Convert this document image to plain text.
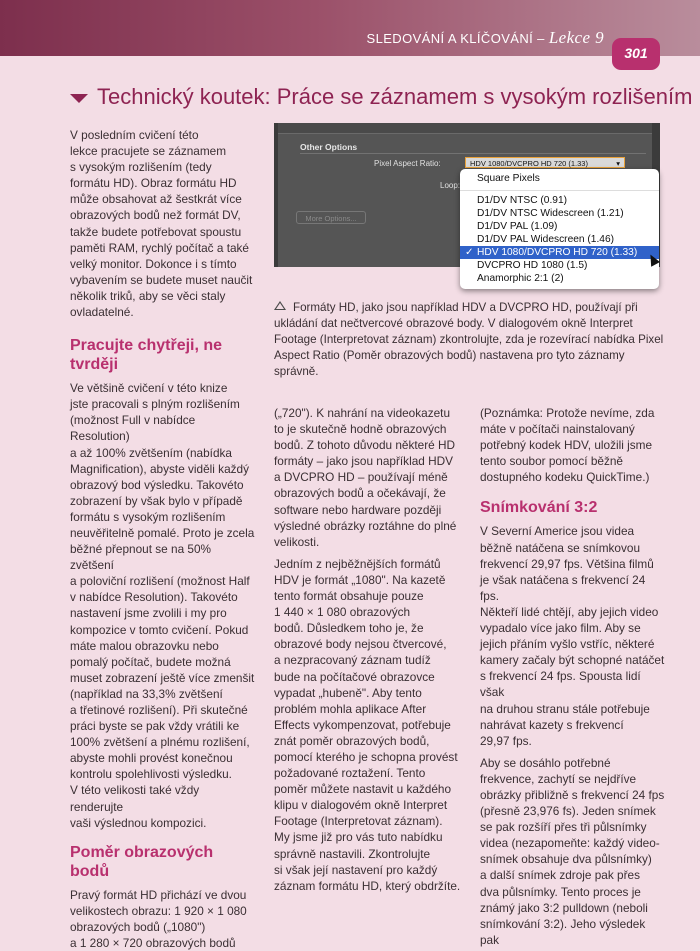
SLEDOVÁNÍ A KLÍČOVÁNÍ – Lekce 9
301
Technický koutek: Práce se záznamem s vysokým rozlišením

V posledním cvičení této
lekce pracujete se záznamem
s vysokým rozlišením (tedy
formátu HD). Obraz formátu HD
může obsahovat až šestkrát více
obrazových bodů než formát DV,
takže budete potřebovat spoustu
paměti RAM, rychlý počítač a také
velký monitor. Dokonce i s tímto
vybavením se budete muset naučit
několik triků, aby se věci staly
ovladatelné.

Pracujte chytřeji, ne tvrději

Ve většině cvičení v této knize
jste pracovali s plným rozlišením
(možnost Full v nabídce Resolution)
a až 100% zvětšením (nabídka
Magnification), abyste viděli každý
obrazový bod výsledku. Takovéto
zobrazení by však bylo v případě
formátu s vysokým rozlišením
neuvěřitelně pomalé. Proto je zcela
běžné přepnout se na 50% zvětšení
a poloviční rozlišení (možnost Half
v nabídce Resolution). Takovéto
nastavení jsme zvolili i my pro
kompozice v tomto cvičení. Pokud
máte malou obrazovku nebo
pomalý počítač, budete možná
muset zobrazení ještě více zmenšit
(například na 33,3% zvětšení
a třetinové rozlišení). Při skutečné
práci byste se pak vždy vrátili ke
100% zvětšení a plnému rozlišení,
abyste mohli provést konečnou
kontrolu spolehlivosti výsledku.
V této velikosti také vždy renderujte
vaši výslednou kompozici.

Poměr obrazových bodů

Pravý formát HD přichází ve dvou
velikostech obrazu: 1 920 × 1 080
obrazových bodů („1080")
a 1 280 × 720 obrazových bodů

Other Options
Pixel Aspect Ratio:	HDV 1080/DVCPRO HD 720 (1.33)	▾
Loop:
More Options...
Square Pixels
D1/DV NTSC (0.91)
D1/DV NTSC Widescreen (1.21)
D1/DV PAL (1.09)
D1/DV PAL Widescreen (1.46)
✓ HDV 1080/DVCPRO HD 720 (1.33)
DVCPRO HD 1080 (1.5)
Anamorphic 2:1 (2)

Formáty HD, jako jsou například HDV a DVCPRO HD, používají při ukládání dat nečtvercové obrazové body. V dialogovém okně Interpret Footage (Interpretovat záznam) zkontrolujte, zda je rozevírací nabídka Pixel Aspect Ratio (Poměr obrazových bodů) nastavena pro tyto záznamy správně.

(„720"). K nahrání na videokazetu
to je skutečně hodně obrazových
bodů. Z tohoto důvodu některé HD
formáty – jako jsou například HDV
a DVCPRO HD – používají méně
obrazových bodů a očekávají, že
software nebo hardware později
výsledné obrázky roztáhne do plné
velikosti.

Jedním z nejběžnějších formátů
HDV je formát „1080". Na kazetě
tento formát obsahuje pouze
1 440 × 1 080 obrazových
bodů. Důsledkem toho je, že
obrazové body nejsou čtvercové,
a nezpracovaný záznam tudíž
bude na počítačové obrazovce
vypadat „hubeně". Aby tento
problém mohla aplikace After
Effects vykompenzovat, potřebuje
znát poměr obrazových bodů,
pomocí kterého je schopna provést
požadované roztažení. Tento
poměr můžete nastavit u každého
klipu v dialogovém okně Interpret
Footage (Interpretovat záznam).
My jsme již pro vás tuto nabídku
správně nastavili. Zkontrolujte
si však její nastavení pro každý
záznam formátu HD, který obdržíte.

(Poznámka: Protože nevíme, zda
máte v počítači nainstalovaný
potřebný kodek HDV, uložili jsme
tento soubor pomocí běžně
dostupného kodeku QuickTime.)

Snímkování 3:2

V Severní Americe jsou videa
běžně natáčena se snímkovou
frekvencí 29,97 fps. Většina filmů
je však natáčena s frekvencí 24 fps.
Někteří lidé chtějí, aby jejich video
vypadalo více jako film. Aby se
jejich přáním vyšlo vstříc, některé
kamery začaly být schopné natáčet
s frekvencí 24 fps. Spousta lidí však
na druhou stranu stále potřebuje
nahrávat kazety s frekvencí
29,97 fps.

Aby se dosáhlo potřebné
frekvence, zachytí se nejdříve
obrázky přibližně s frekvencí 24 fps
(přesně 23,976 fs). Jeden snímek
se pak rozšíří přes tři půlsnímky
videa (nezapomeňte: každý video-
snímek obsahuje dva půlsnímky)
a další snímek zdroje pak přes
dva půlsnímky. Tento proces je
známý jako 3:2 pulldown (neboli
snímkování 3:2). Jeho výsledek pak
